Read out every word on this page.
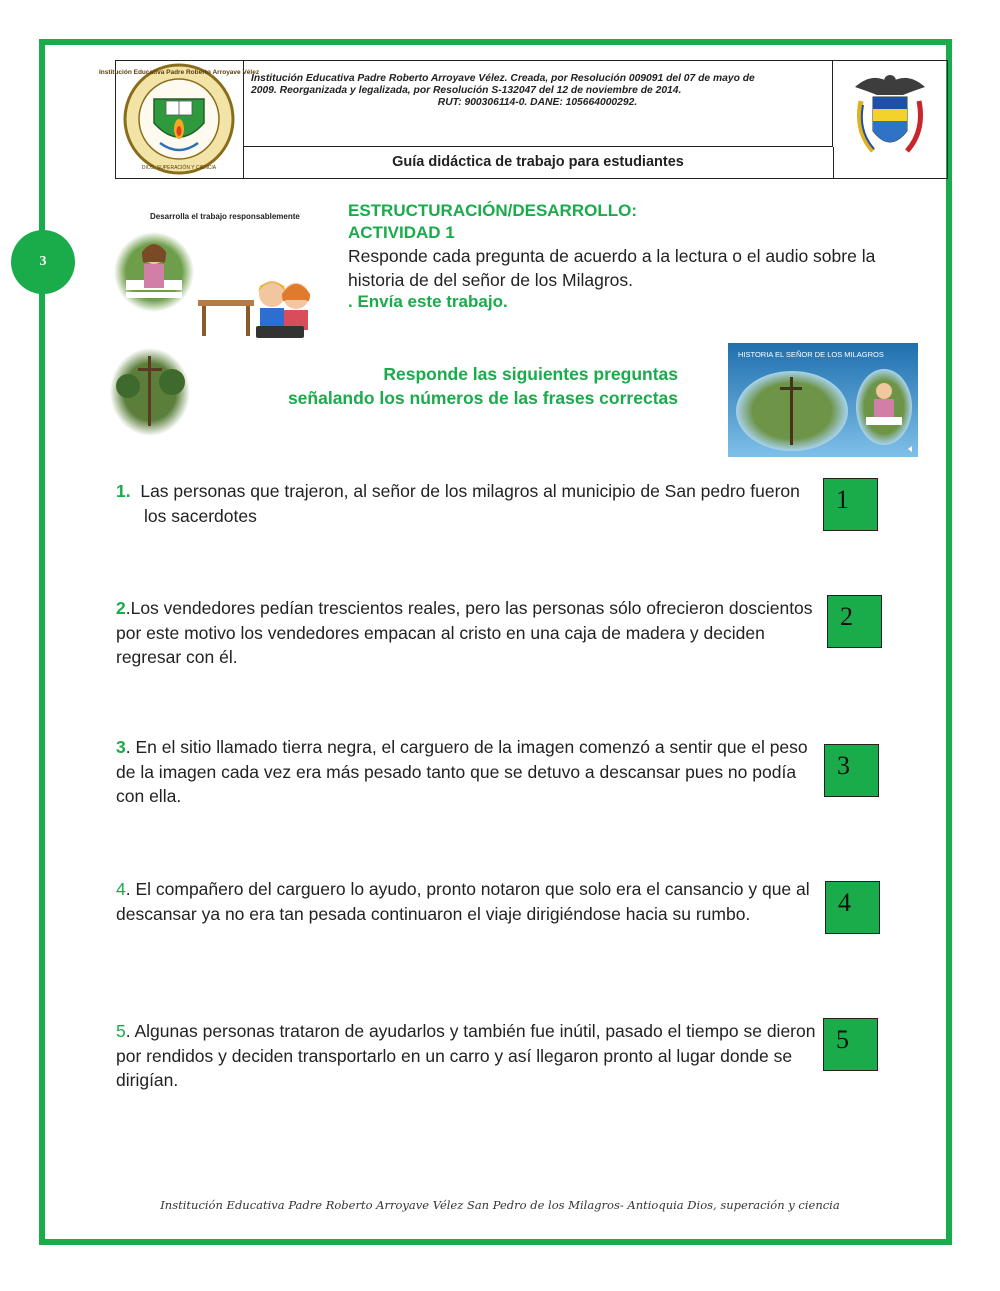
Institución Educativa Padre Roberto Arroyave Vélez
DIOS, SUPERACIÓN Y CIENCIA
Institución Educativa Padre Roberto Arroyave Vélez. Creada, por Resolución 009091 del 07 de mayo de
2009. Reorganizada y legalizada, por Resolución S-132047 del 12 de noviembre de 2014.
RUT: 900306114-0. DANE: 105664000292.
Guía didáctica de trabajo para estudiantes
3
Desarrolla el trabajo responsablemente	ESTRUCTURACIÓN/DESARROLLO:
ACTIVIDAD 1
Responde cada pregunta de acuerdo a la lectura o el audio sobre la historia de del señor de los Milagros.
. Envía este trabajo.
Responde las siguientes preguntas
señalando los números de las frases correctas
HISTORIA EL SEÑOR DE LOS MILAGROS
1. Las personas que trajeron, al señor de los milagros al municipio de San pedro fueron los sacerdotes
1
2.Los vendedores pedían trescientos reales, pero las personas sólo ofrecieron doscientos por este motivo los vendedores empacan al cristo en una caja de madera y deciden regresar con él.
2
3. En el sitio llamado tierra negra, el carguero de la imagen comenzó a sentir que el peso de la imagen cada vez era más pesado tanto que se detuvo a descansar pues no podía con ella.
3
4. El compañero del carguero lo ayudo, pronto notaron que solo era el cansancio y que al descansar ya no era tan pesada continuaron el viaje dirigiéndose hacia su rumbo.	4
5. Algunas personas trataron de ayudarlos y también fue inútil, pasado el tiempo se dieron por rendidos y deciden transportarlo en un carro y así llegaron pronto al lugar donde se dirigían.
5
Institución Educativa Padre Roberto Arroyave Vélez San Pedro de los Milagros- Antioquia Dios, superación y ciencia
